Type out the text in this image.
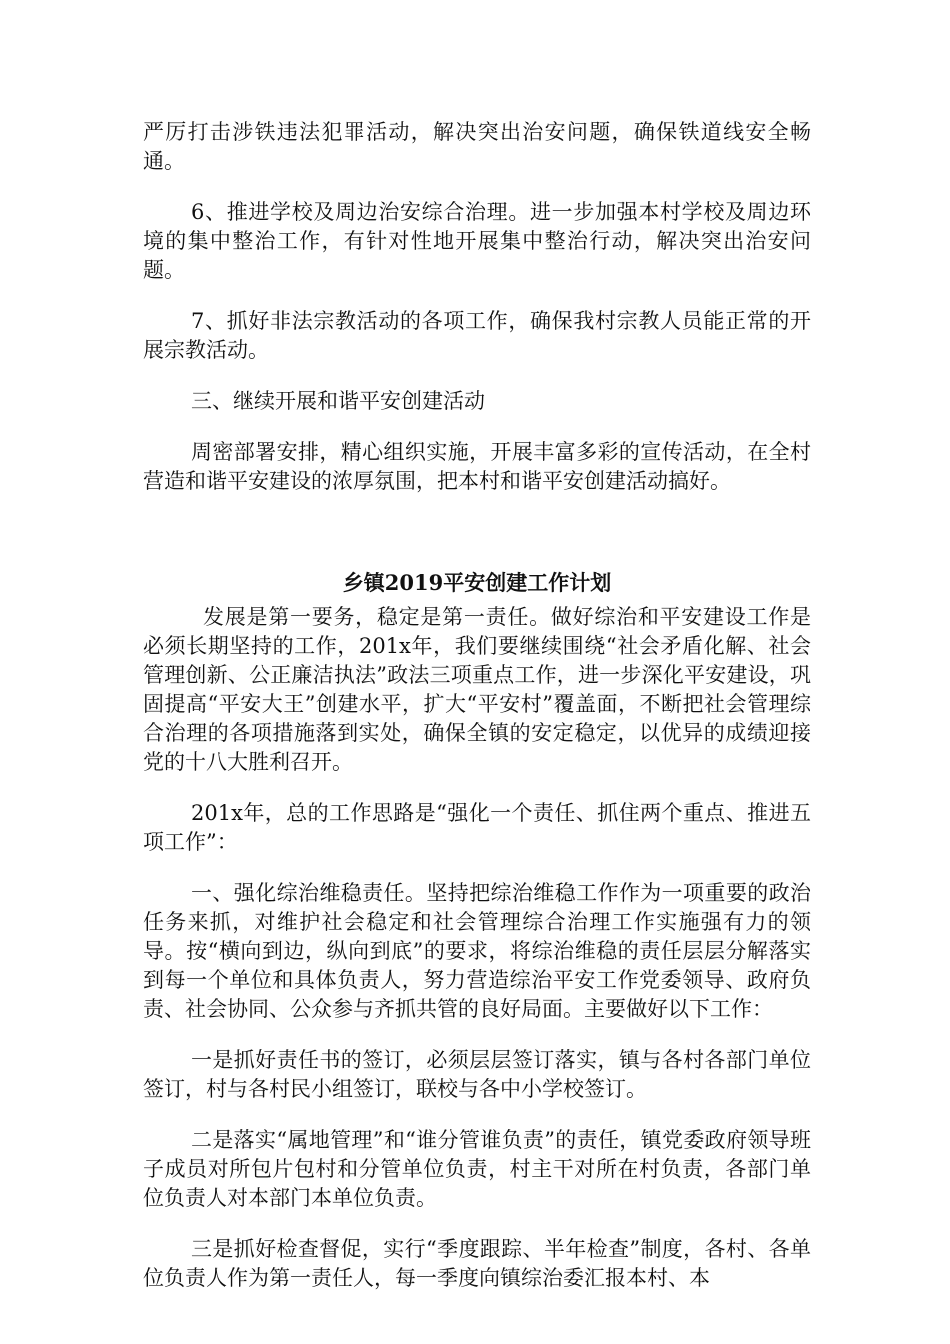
严厉打击涉铁违法犯罪活动，解决突出治安问题，确保铁道线安全畅通。

6、推进学校及周边治安综合治理。进一步加强本村学校及周边环境的集中整治工作，有针对性地开展集中整治行动，解决突出治安问题。

7、抓好非法宗教活动的各项工作，确保我村宗教人员能正常的开展宗教活动。

三、继续开展和谐平安创建活动

周密部署安排，精心组织实施，开展丰富多彩的宣传活动，在全村营造和谐平安建设的浓厚氛围，把本村和谐平安创建活动搞好。

乡镇2019平安创建工作计划

发展是第一要务，稳定是第一责任。做好综治和平安建设工作是必须长期坚持的工作，201x年，我们要继续围绕“社会矛盾化解、社会管理创新、公正廉洁执法”政法三项重点工作，进一步深化平安建设，巩固提高“平安大王”创建水平，扩大“平安村”覆盖面，不断把社会管理综合治理的各项措施落到实处，确保全镇的安定稳定，以优异的成绩迎接党的十八大胜利召开。

201x年，总的工作思路是“强化一个责任、抓住两个重点、推进五项工作”：

一、强化综治维稳责任。坚持把综治维稳工作作为一项重要的政治任务来抓，对维护社会稳定和社会管理综合治理工作实施强有力的领导。按“横向到边，纵向到底”的要求，将综治维稳的责任层层分解落实到每一个单位和具体负责人，努力营造综治平安工作党委领导、政府负责、社会协同、公众参与齐抓共管的良好局面。主要做好以下工作：

一是抓好责任书的签订，必须层层签订落实，镇与各村各部门单位签订，村与各村民小组签订，联校与各中小学校签订。

二是落实“属地管理”和“谁分管谁负责”的责任，镇党委政府领导班子成员对所包片包村和分管单位负责，村主干对所在村负责，各部门单位负责人对本部门本单位负责。

三是抓好检查督促，实行“季度跟踪、半年检查”制度，各村、各单位负责人作为第一责任人，每一季度向镇综治委汇报本村、本
